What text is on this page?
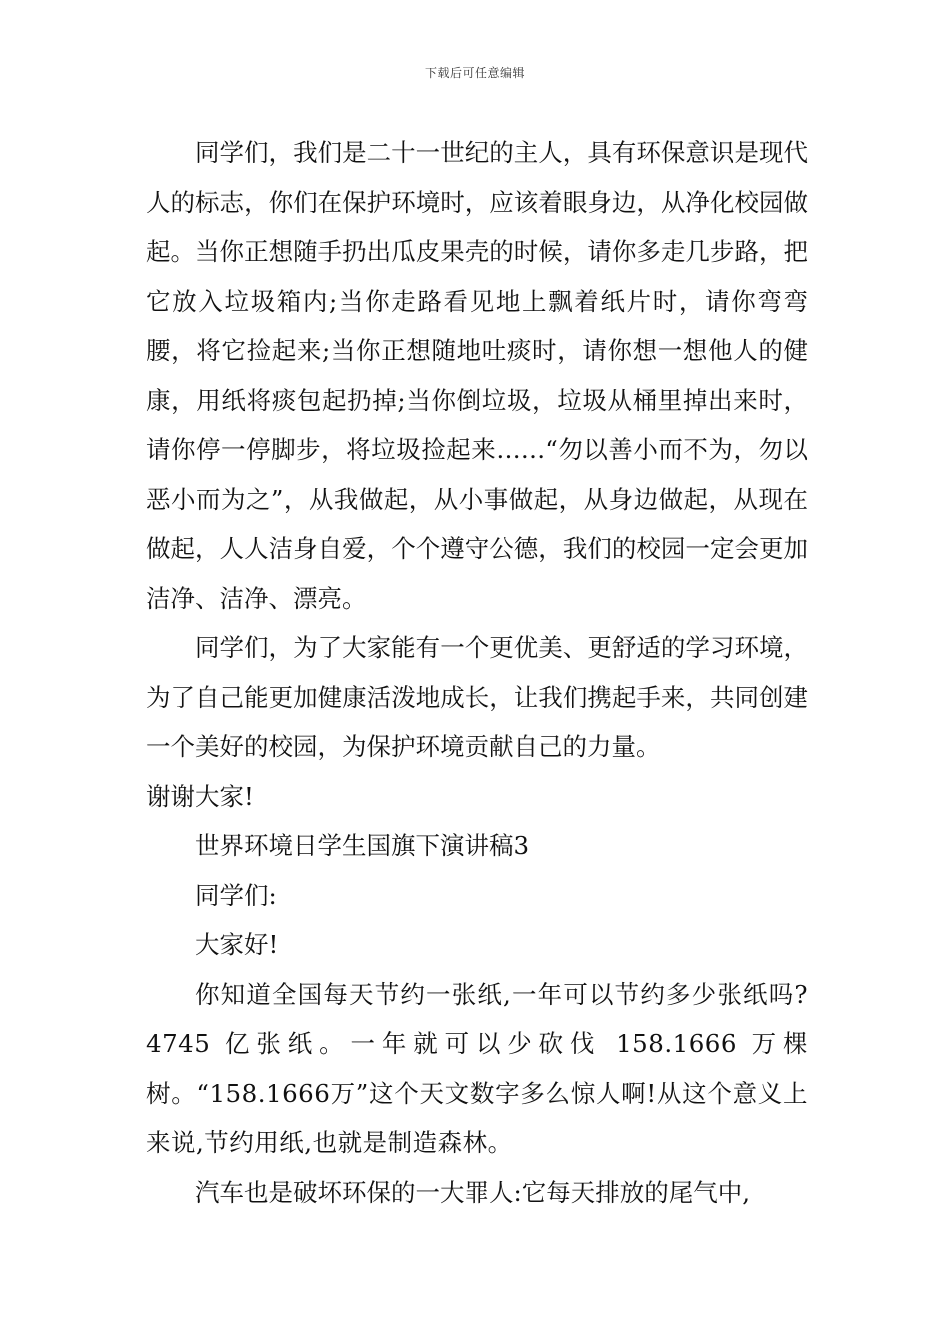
下载后可任意编辑

同学们，我们是二十一世纪的主人，具有环保意识是现代人的标志，你们在保护环境时，应该着眼身边，从净化校园做起。当你正想随手扔出瓜皮果壳的时候，请你多走几步路，把它放入垃圾箱内;当你走路看见地上飘着纸片时，请你弯弯腰，将它捡起来;当你正想随地吐痰时，请你想一想他人的健康，用纸将痰包起扔掉;当你倒垃圾，垃圾从桶里掉出来时，请你停一停脚步，将垃圾捡起来……“勿以善小而不为，勿以恶小而为之”，从我做起，从小事做起，从身边做起，从现在做起，人人洁身自爱，个个遵守公德，我们的校园一定会更加洁净、洁净、漂亮。

同学们，为了大家能有一个更优美、更舒适的学习环境，为了自己能更加健康活泼地成长，让我们携起手来，共同创建一个美好的校园，为保护环境贡献自己的力量。

谢谢大家!

世界环境日学生国旗下演讲稿3

同学们:

大家好!

你知道全国每天节约一张纸,一年可以节约多少张纸吗?4745 亿张纸。一年就可以少砍伐 158.1666 万棵树。“158.1666万”这个天文数字多么惊人啊!从这个意义上来说,节约用纸,也就是制造森林。

汽车也是破坏环保的一大罪人:它每天排放的尾气中,
